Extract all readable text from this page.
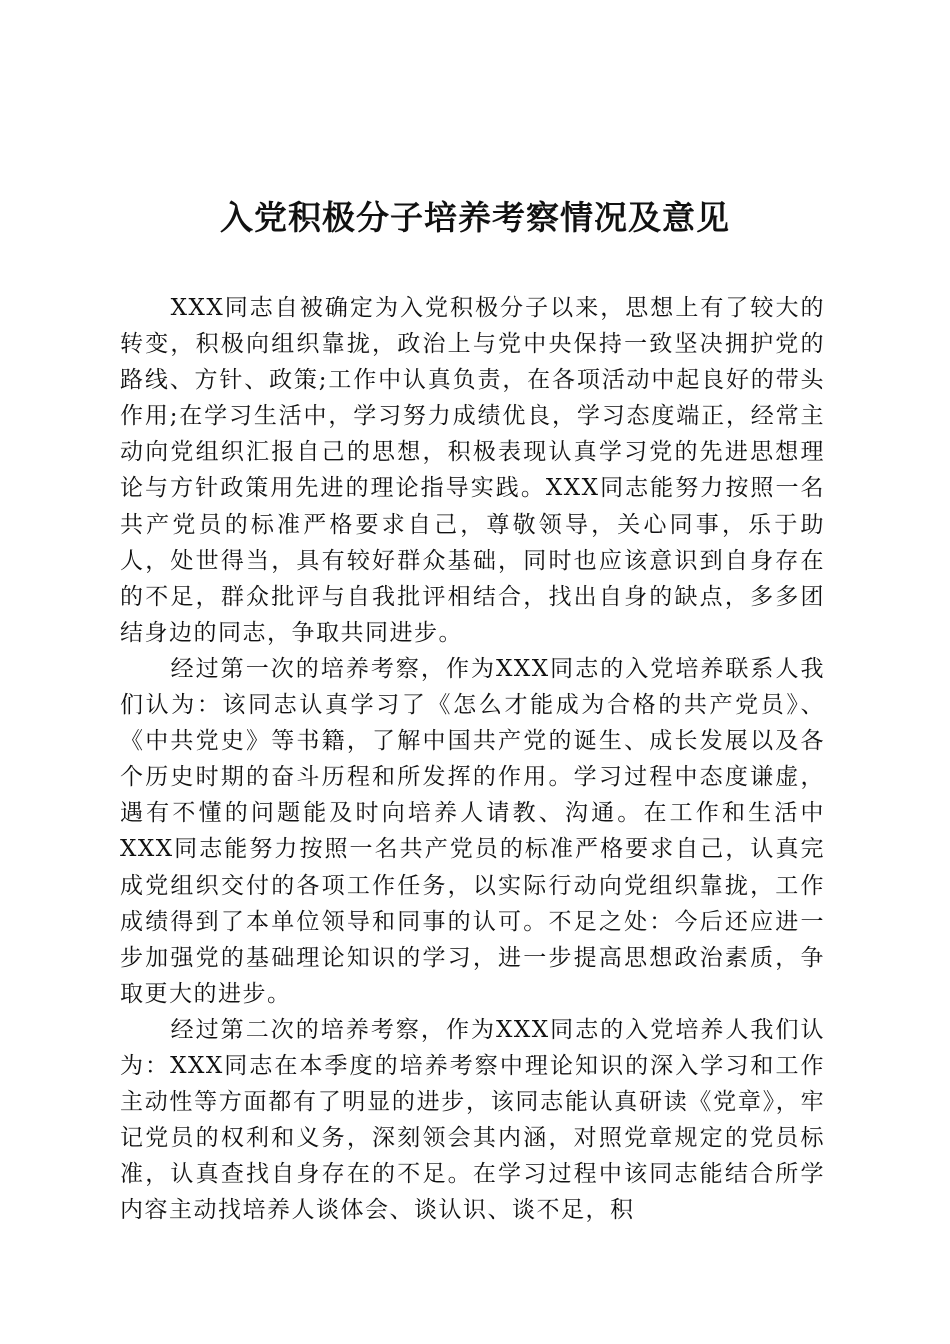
入党积极分子培养考察情况及意见

XXX同志自被确定为入党积极分子以来，思想上有了较大的转变，积极向组织靠拢，政治上与党中央保持一致坚决拥护党的路线、方针、政策;工作中认真负责，在各项活动中起良好的带头作用;在学习生活中，学习努力成绩优良，学习态度端正，经常主动向党组织汇报自己的思想，积极表现认真学习党的先进思想理论与方针政策用先进的理论指导实践。XXX同志能努力按照一名共产党员的标准严格要求自己，尊敬领导，关心同事，乐于助人，处世得当，具有较好群众基础，同时也应该意识到自身存在的不足，群众批评与自我批评相结合，找出自身的缺点，多多团结身边的同志，争取共同进步。

经过第一次的培养考察，作为XXX同志的入党培养联系人我们认为：该同志认真学习了《怎么才能成为合格的共产党员》、《中共党史》等书籍，了解中国共产党的诞生、成长发展以及各个历史时期的奋斗历程和所发挥的作用。学习过程中态度谦虚，遇有不懂的问题能及时向培养人请教、沟通。在工作和生活中XXX同志能努力按照一名共产党员的标准严格要求自己，认真完成党组织交付的各项工作任务，以实际行动向党组织靠拢，工作成绩得到了本单位领导和同事的认可。不足之处：今后还应进一步加强党的基础理论知识的学习，进一步提高思想政治素质，争取更大的进步。

经过第二次的培养考察，作为XXX同志的入党培养人我们认为：XXX同志在本季度的培养考察中理论知识的深入学习和工作主动性等方面都有了明显的进步，该同志能认真研读《党章》，牢记党员的权利和义务，深刻领会其内涵，对照党章规定的党员标准，认真查找自身存在的不足。在学习过程中该同志能结合所学内容主动找培养人谈体会、谈认识、谈不足，积
